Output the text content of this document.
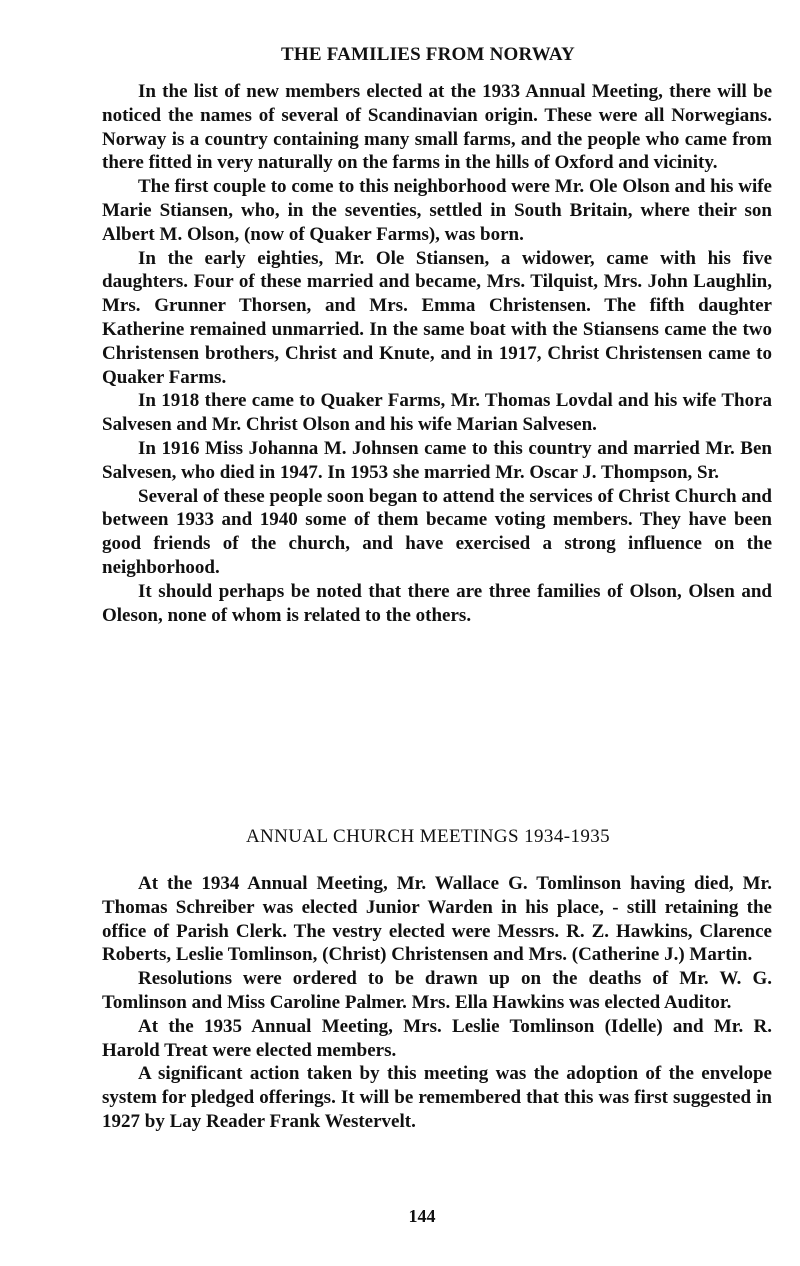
THE FAMILIES FROM NORWAY

In the list of new members elected at the 1933 Annual Meeting, there will be noticed the names of several of Scandinavian origin. These were all Norwegians. Norway is a country containing many small farms, and the people who came from there fitted in very naturally on the farms in the hills of Oxford and vicinity.

The first couple to come to this neighborhood were Mr. Ole Olson and his wife Marie Stiansen, who, in the seventies, settled in South Britain, where their son Albert M. Olson, (now of Quaker Farms), was born.

In the early eighties, Mr. Ole Stiansen, a widower, came with his five daughters. Four of these married and became, Mrs. Tilquist, Mrs. John Laughlin, Mrs. Grunner Thorsen, and Mrs. Emma Christensen. The fifth daughter Katherine remained unmarried. In the same boat with the Stiansens came the two Christensen brothers, Christ and Knute, and in 1917, Christ Christensen came to Quaker Farms.

In 1918 there came to Quaker Farms, Mr. Thomas Lovdal and his wife Thora Salvesen and Mr. Christ Olson and his wife Marian Salvesen.

In 1916 Miss Johanna M. Johnsen came to this country and married Mr. Ben Salvesen, who died in 1947. In 1953 she married Mr. Oscar J. Thompson, Sr.

Several of these people soon began to attend the services of Christ Church and between 1933 and 1940 some of them became voting members. They have been good friends of the church, and have exercised a strong influence on the neighborhood.

It should perhaps be noted that there are three families of Olson, Olsen and Oleson, none of whom is related to the others.

ANNUAL CHURCH MEETINGS 1934-1935

At the 1934 Annual Meeting, Mr. Wallace G. Tomlinson having died, Mr. Thomas Schreiber was elected Junior Warden in his place, - still retaining the office of Parish Clerk. The vestry elected were Messrs. R. Z. Hawkins, Clarence Roberts, Leslie Tomlinson, (Christ) Christensen and Mrs. (Catherine J.) Martin.

Resolutions were ordered to be drawn up on the deaths of Mr. W. G. Tomlinson and Miss Caroline Palmer. Mrs. Ella Hawkins was elected Auditor.

At the 1935 Annual Meeting, Mrs. Leslie Tomlinson (Idelle) and Mr. R. Harold Treat were elected members.

A significant action taken by this meeting was the adoption of the envelope system for pledged offerings. It will be remembered that this was first suggested in 1927 by Lay Reader Frank Westervelt.

144
